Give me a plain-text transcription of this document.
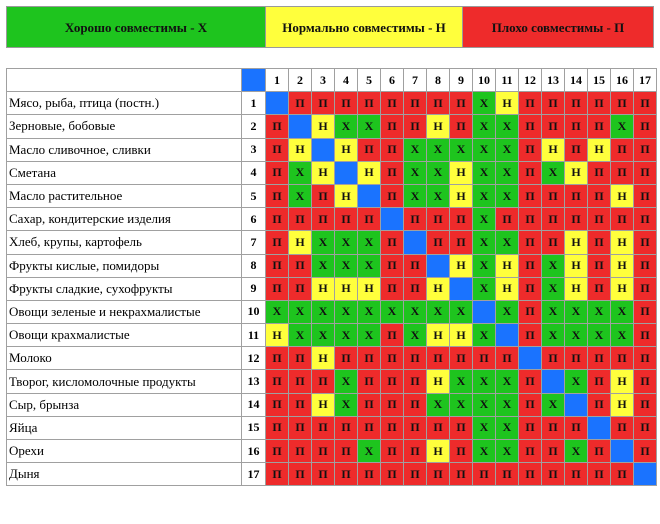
Хорошо совместимы - Х	Нормально совместимы - Н	Плохо совместимы - П
		1	2	3	4	5	6	7	8	9	10	11	12	13	14	15	16	17
Мясо, рыба, птица (постн.)	1		П	П	П	П	П	П	П	П	Х	Н	П	П	П	П	П	П
Зерновые, бобовые	2	П		Н	Х	Х	П	П	Н	П	Х	Х	П	П	П	П	Х	П
Масло сливочное, сливки	3	П	Н		Н	П	П	Х	Х	Х	Х	Х	П	Н	П	Н	П	П
Сметана	4	П	Х	Н		Н	П	Х	Х	Н	Х	Х	П	Х	Н	П	П	П
Масло растительное	5	П	Х	П	Н		П	Х	Х	Н	Х	Х	П	П	П	П	Н	П
Сахар, кондитерские изделия	6	П	П	П	П	П		П	П	П	Х	П	П	П	П	П	П	П
Хлеб, крупы, картофель	7	П	Н	Х	Х	Х	П		П	П	Х	Х	П	П	Н	П	Н	П
Фрукты кислые, помидоры	8	П	П	Х	Х	Х	П	П		Н	Х	Н	П	Х	Н	П	Н	П
Фрукты сладкие, сухофрукты	9	П	П	Н	Н	Н	П	П	Н		Х	Н	П	Х	Н	П	Н	П
Овощи зеленые и некрахмалистые	10	Х	Х	Х	Х	Х	Х	Х	Х	Х		Х	П	Х	Х	Х	Х	П
Овощи крахмалистые	11	Н	Х	Х	Х	Х	П	Х	Н	Н	Х		П	Х	Х	Х	Х	П
Молоко	12	П	П	Н	П	П	П	П	П	П	П	П		П	П	П	П	П
Творог, кисломолочные продукты	13	П	П	П	Х	П	П	П	Н	Х	Х	Х	П		Х	П	Н	П
Сыр, брынза	14	П	П	Н	Х	П	П	П	Х	Х	Х	Х	П	Х		П	Н	П
Яйца	15	П	П	П	П	П	П	П	П	П	Х	Х	П	П	П		П	П
Орехи	16	П	П	П	П	Х	П	П	Н	П	Х	Х	П	П	Х	П		П
Дыня	17	П	П	П	П	П	П	П	П	П	П	П	П	П	П	П	П	
